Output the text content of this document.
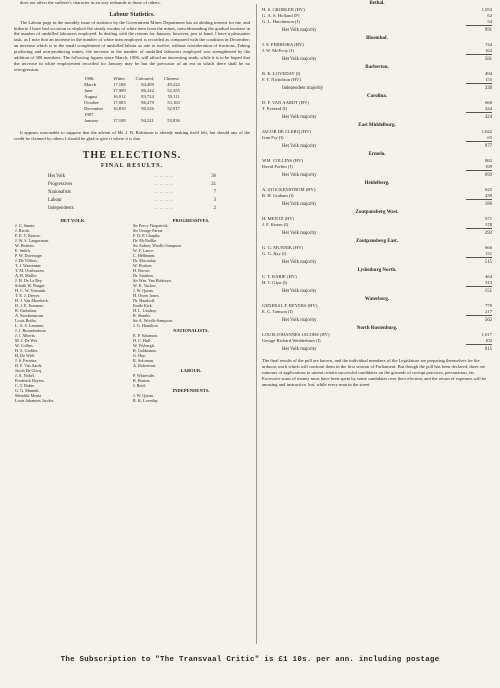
does not affect the sufferer's character in an way redounds to those of others.

Labour Statistics.

The Labour page in the monthly issue of statistics by the Government Mines Department has an abiding interest for me, and hitherto I have had occasion to deplore the steady exodus of white men from the mines, notwithstanding the gradual increase in the number of unskilled labourers employed. In dealing with the returns for January, however, just to hand, I have a pleasanter task, as I note that an increase in the number of white men employed is recorded as compared with the condition in December; an increase which is to the small complement of unskilled labour as one to twelve, without consideration of fractions. Taking producing and non-producing mines, the increase in the number of unskilled labourers employed was strengthened by the addition of 380 members. The following figures since March, 1906, will afford an interesting study, while it is to be hoped that the increase in white employment recorded for January may be but the precursor of an era in which there shall be no retrogression.

1906.	White.	Coloured.	Chinese.
March	17,168	84,409	49,222
June	17,909	86,242	52,355
August	16,912	83,724	53,111
October	17,003	86,479	53,163
December	16,818	90,526	52,917
1907.			
January	17,108	94,221	53,836

It appears reasonable to suppose that the advent of Mr. J. B. Robinson is already making itself felt, but should any of the credit be claimed by others I should be glad to give it where it is due.

THE ELECTIONS.
FINAL RESULTS.
Het Volk	... ... ... ...	36
Progressives	... ... ... ...	21
Nationalists	... ... ... ...	7
Labour	... ... ... ...	3
Independents	... ... ... ...	2
HET VOLK.
J. C. Smuts.
J. Rissik.
F. E. T. Krause.
J. W. S. Langerman.
W. Hosken.
E. Smith.
P. W. Duvenage.
J. De Villiers.
T. J. Wassenaar.
T. M. Ostrhuizen.
A. B. Muller.
J. H. De La Rey.
Schalk W. Burger.
H. C. W. Vermaak.
T. E. J. Dreyer.
H. J. Van Moerkerk.
D. J. E. Erasmus.
R. Grobelaar.
A. Stockenstrom.
Louis Botha.
L. A. S. Lemmer.
J. J. Bezuidenhout.
J. J. Alberts.
M. J. De Wet.
W. Collins.
H. S. Grobler.
H. De Wall.
J. S. Ferreira.
D. F. Van Aardt.
Jacob De Clerq.
J. A. Nobel.
Frederick Beyers.
C. T. Rabie.
G. G. Munnik.
Mendrik Mentz.
Louis Johannes Jacobs.

PROGRESSIVES.
Sir Percy Fitzpatrick.
Sir George Farrar.
F. D. P. Chaplin.
Dr. McNeillie.
Sir Aubrey Woolls-Sampson.
W. F. Lance.
C. Hellmann.
Dr. Macaulay.
W. Hosken.
H. Brown.
Dr. Stratton.
Sir Wm. Van Hulsteyn.
W. K. Tucker.
J. W. Quinn.
H. Owen Jones.
Dr. Haarhoff.
Emile Kirk.
H. L. Lindsay.
R. Shanks.
Sir A. Woolls-Sampson.
J. G. Hamilton.
NATIONALISTS.
E. P. Solomon.
H. C. Hull.
W. Wybergh.
R. Goldmann.
G. Hay.
R. Solomon.
A. Robertson.
LABOUR.
P. Whiteside.
R. Burton.
J. Reid.
INDEPENDENTS.
J. W. Quinn.
R. K. Loveday.
Bethal.
H. S. GROBLER (HV)	1,053
G. A. S. Holland (P)	62
G. L. Hutchinson (I)	54
Het Volk majority	991
Bloemhof.
J. S. FERREIRA (HV)	744
J. W. McEvoy (I)	163
Het Volk majority	581
Barberton.
R. K. LOVEDAY (I)	494
F. T. Nicholson (HV)	155
Independent majority	339
Carolina.
D. F. VAN AARDT (HV)	668
T. Everard (I)	244
Het Volk majority	424
East Middelburg.
JACOB DE CLERQ (HV)	1,042
Ivan Fry (I)	65
Het Volk majority	977
Ermelo.
WM. COLLINS (HV)	862
David Forbes (I)	169
Het Volk majority	693
Heidelberg.
A. STOCKENSTROM (HV)	625
R. H. Graham (I)	439
Het Volk majority	186
Zoutpansberg West.
H. MENTZ (HV)	671
J. F. Kisten (I)	378
Het Volk majority	293
Zoutpansberg East.
G. G. MUNNIK (HV)	666
G. G. Ray (I)	151
Het Volk majority	515
Lydenburg North.
C. T. RABIE (HV)	464
H. T. Glyn (I)	313
Het Volk majority	151
Waterberg.
GENERAL F. BEYERS (HV)	779
E. C. Tamson (I)	217
Het Volk majority	562
North Rustenburg.
LOUIS JOHANNES JACOBS (HV)	1,017
George Richard Wedderburn (I)	102
Het Volk majority	915
The final results of the poll are known, and the individual members of the Legislature are preparing themselves for the arduous work which will confront them in the first session of Parliament. But though the poll has been declared, there are rumours of applications to unseat certain successful candidates on the grounds of corrupt practices, personation, etc. Excessive sums of money must have been spent by some candidates over their election, and the return of expenses will be amusing and instructive, but, while every man in the street
The Subscription to "The Transvaal Critic" is £1 10s. per ann. including postage
